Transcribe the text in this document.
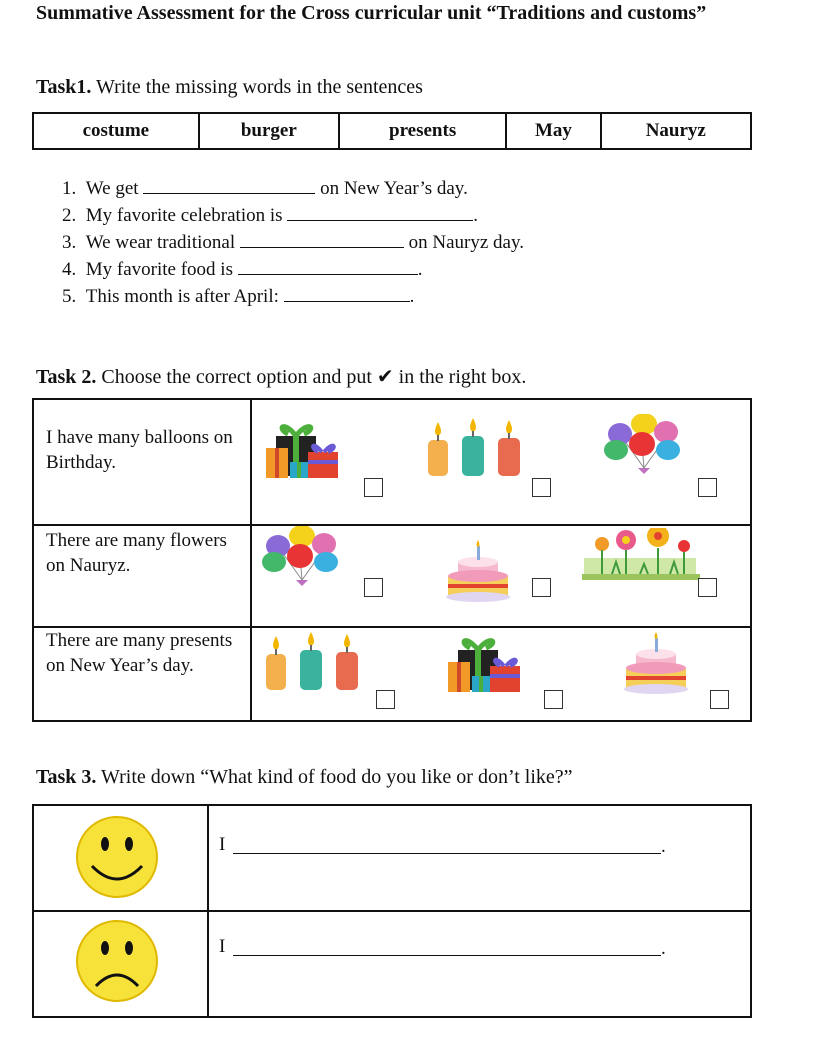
Summative Assessment for the Cross curricular unit “Traditions and customs”
Task1. Write the missing words in the sentences
costume	burger	presents	May	Nauryz
1. We get	on New Year’s day.
2. My favorite celebration is	.
3. We wear traditional	on Nauryz day.
4. My favorite food is	.
5. This month is after April:	.
Task 2. Choose the correct option and put ✔ in the right box.
I have many balloons on Birthday.

There are many flowers on Nauryz.

There are many presents on New Year’s day.

Task 3. Write down “What kind of food do you like or don’t like?”

I .

I .
